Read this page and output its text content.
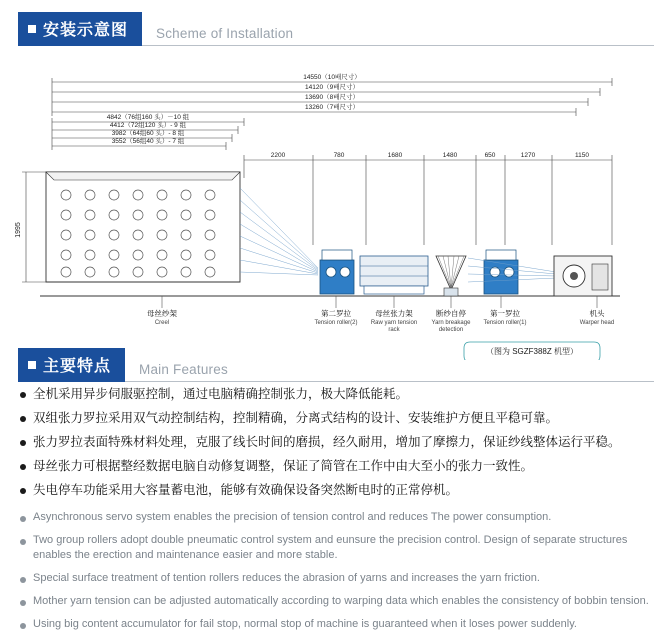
安装示意图	Scheme of Installation
14550（10배尺寸）
14120（9배尺寸）
13690（8배尺寸）
13260（7배尺寸）
4842（76组160 头）－10 组
4412（72组120 头）- 9 组
3982（64组60 头）- 8 组
3552（56组40 头）- 7 组
2200	780	1680	1480	650	1270	1150
1995
母丝纱架
Creel
第二罗拉
Tension roller(2)
母丝张力架
Raw yarn tension
rack
断纱自停
Yarn breakage
detection
第一罗拉
Tension roller(1)
机头
Warper head
（图为 SGZF388Z 机型）
主要特点	Main Features
全机采用异步伺服驱控制，通过电脑精确控制张力，极大降低能耗。
双组张力罗拉采用双气动控制结构，控制精确，分离式结构的设计、安装维护方便且平稳可靠。
张力罗拉表面特殊材料处理，克服了线长时间的磨损，经久耐用，增加了摩擦力，保证纱线整体运行平稳。
母丝张力可根据整经数据电脑自动修复调整，保证了简管在工作中由大至小的张力一致性。
失电停车功能采用大容量蓄电池，能够有效确保设备突然断电时的正常停机。
Asynchronous servo system enables the precision of tension control and reduces The power consumption.
Two group rollers adopt double pneumatic control system and eunsure the precision control. Design of separate structures enables the erection and maintenance easier and more stable.
Special surface treatment of tention rollers reduces the abrasion of yarns and increases the yarn friction.
Mother yarn tension can be adjusted automatically according to warping data which enables the consistency of bobbin tension.
Using big content accumulator for fail stop, normal stop of machine is guaranteed when it loses power suddenly.
